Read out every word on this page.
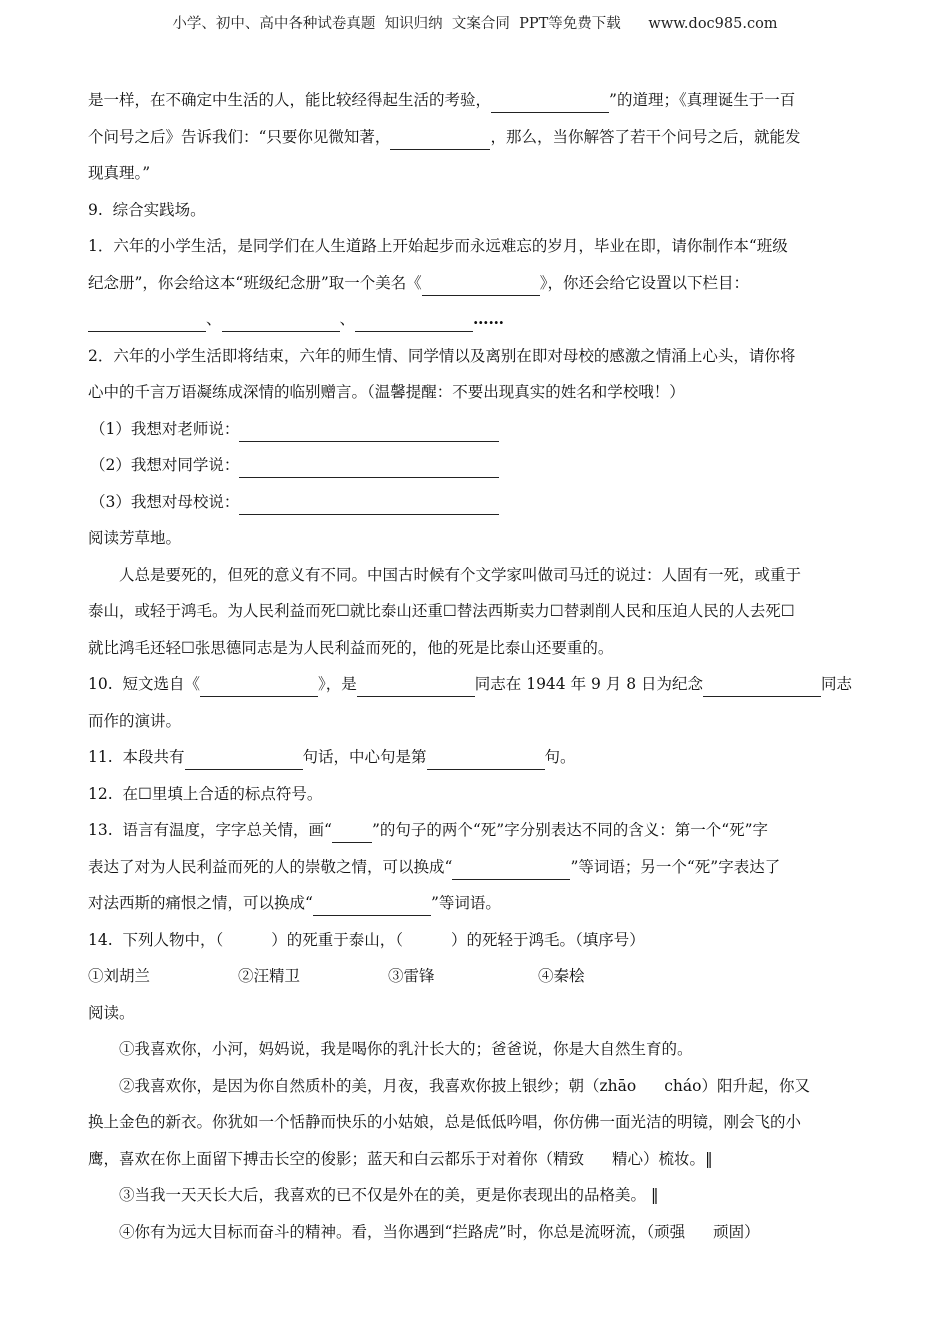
小学、初中、高中各种试卷真题  知识归纳  文案合同  PPT等免费下载      www.doc985.com
是一样，在不确定中生活的人，能比较经得起生活的考验，	”的道理；《真理诞生于一百
个问号之后》告诉我们：“只要你见微知著，	，那么，当你解答了若干个问号之后，就能发
现真理。”
9.  综合实践场。
1．六年的小学生活，是同学们在人生道路上开始起步而永远难忘的岁月，毕业在即，请你制作本“班级
纪念册”，你会给这本“班级纪念册”取一个美名《	》，你还会给它设置以下栏目：
、	、	……
2．六年的小学生活即将结束，六年的师生情、同学情以及离别在即对母校的感激之情涌上心头，请你将
心中的千言万语凝练成深情的临别赠言。（温馨提醒：不要出现真实的姓名和学校哦！）
（1）我想对老师说：
（2）我想对同学说：
（3）我想对母校说：
阅读芳草地。
人总是要死的，但死的意义有不同。中国古时候有个文学家叫做司马迁的说过：人固有一死，或重于
泰山，或轻于鸿毛。为人民利益而死☐就比泰山还重☐替法西斯卖力☐替剥削人民和压迫人民的人去死☐
就比鸿毛还轻☐张思德同志是为人民利益而死的，他的死是比泰山还要重的。
10.  短文选自《	》，是	同志在 1944 年 9 月 8 日为纪念	同志
而作的演讲。
11.  本段共有	句话，中心句是第	句。
12.  在☐里填上合适的标点符号。
13.  语言有温度，字字总关情，画“	”的句子的两个“死”字分别表达不同的含义：第一个“死”字
表达了对为人民利益而死的人的崇敬之情，可以换成“	”等词语；另一个“死”字表达了
对法西斯的痛恨之情，可以换成“	”等词语。
14.  下列人物中，（	）的死重于泰山，（	）的死轻于鸿毛。（填序号）
①刘胡兰	②汪精卫	③雷锋	④秦桧
阅读。
①我喜欢你，小河，妈妈说，我是喝你的乳汁长大的；爸爸说，你是大自然生育的。
②我喜欢你，是因为你自然质朴的美，月夜，我喜欢你披上银纱；朝（zhāo cháo）阳升起，你又
换上金色的新衣。你犹如一个恬静而快乐的小姑娘，总是低低吟唱，你仿佛一面光洁的明镜，刚会飞的小
鹰，喜欢在你上面留下搏击长空的俊影；蓝天和白云都乐于对着你（精致 精心）梳妆。‖
③当我一天天长大后，我喜欢的已不仅是外在的美，更是你表现出的品格美。 ‖
④你有为远大目标而奋斗的精神。看，当你遇到“拦路虎”时，你总是流呀流，（顽强 顽固）
